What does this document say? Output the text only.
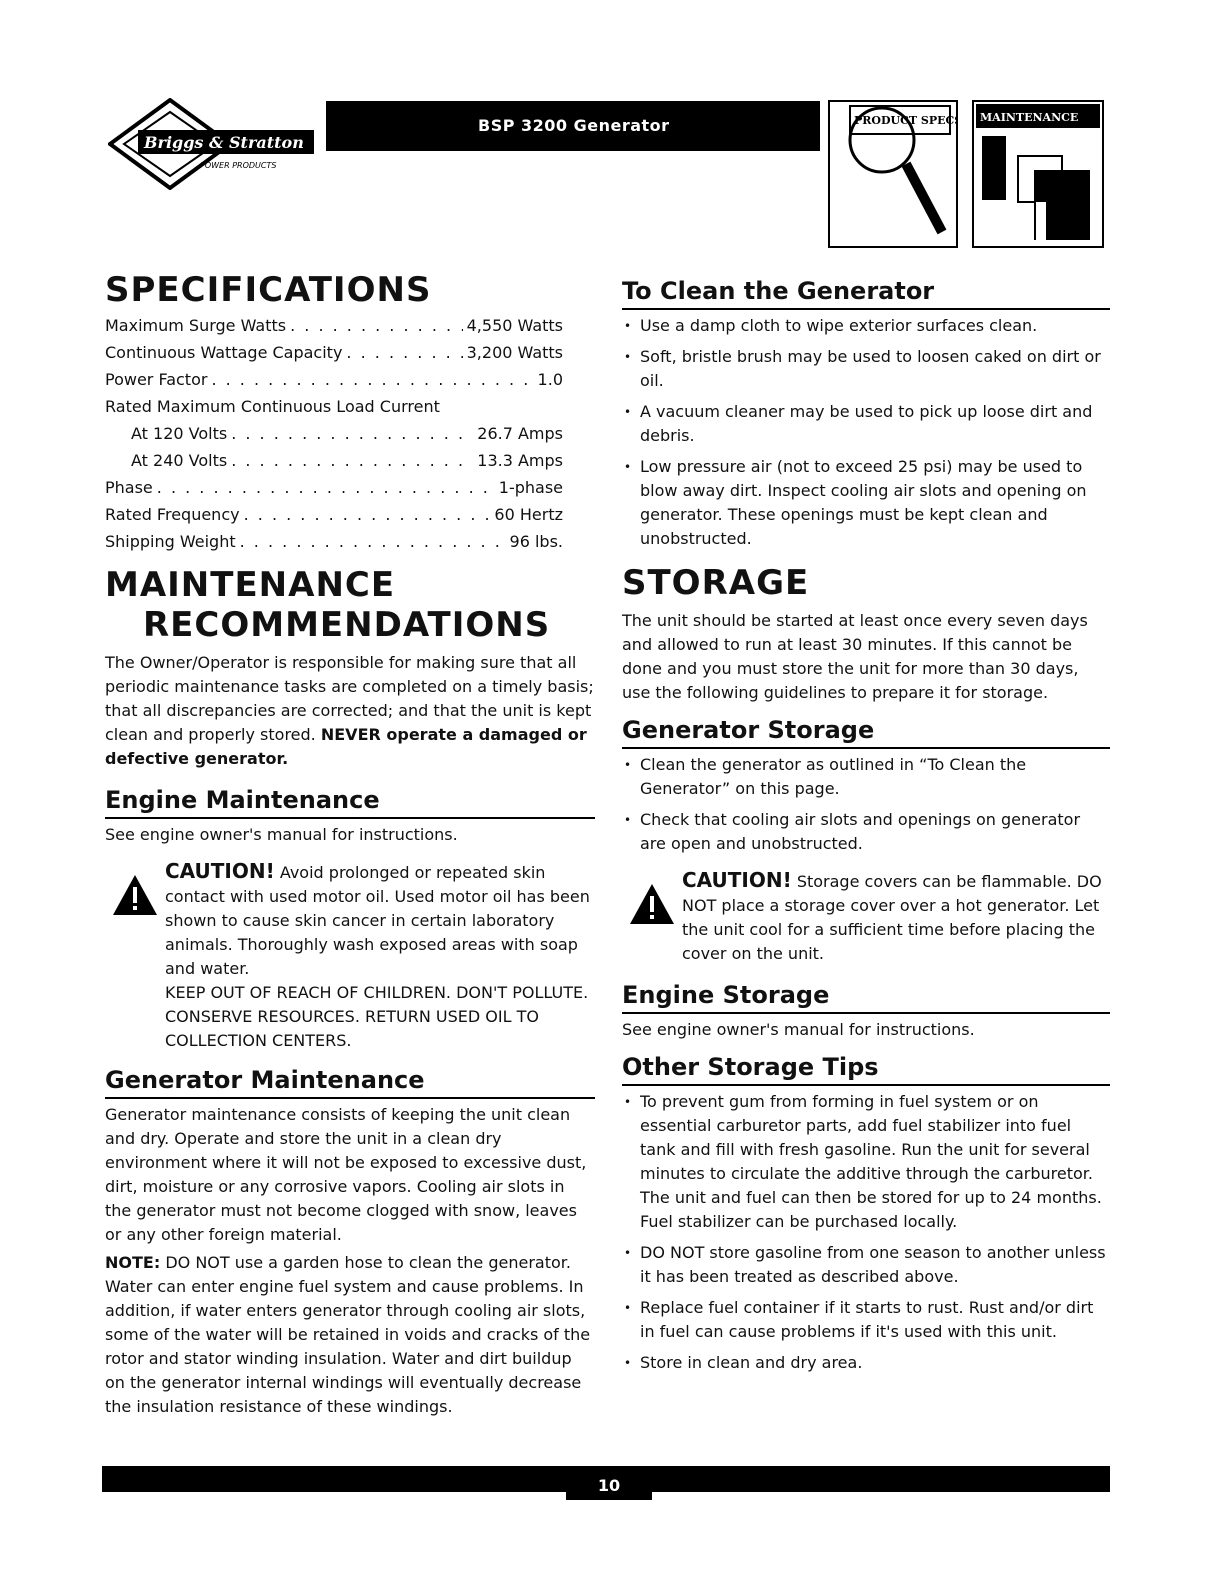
Briggs & Stratton
POWER PRODUCTS
BSP 3200 Generator	PRODUCT SPECS MAINTENANCE
SPECIFICATIONS
Maximum Surge Watts . . .	4,550 Watts
Continuous Wattage Capacity . . .	3,200 Watts
Power Factor . . .	1.0
Rated Maximum Continuous Load Current
At 120 Volts . . .	26.7 Amps
At 240 Volts . . .	13.3 Amps
Phase . . .	1-phase
Rated Frequency . . .	60 Hertz
Shipping Weight . . .	96 lbs.
MAINTENANCE
RECOMMENDATIONS

The Owner/Operator is responsible for making sure that all periodic maintenance tasks are completed on a timely basis; that all discrepancies are corrected; and that the unit is kept clean and properly stored. NEVER operate a damaged or defective generator.

Engine Maintenance

See engine owner's manual for instructions.

CAUTION! Avoid prolonged or repeated skin contact with used motor oil. Used motor oil has been shown to cause skin cancer in certain laboratory animals. Thoroughly wash exposed areas with soap and water.

KEEP OUT OF REACH OF CHILDREN. DON'T POLLUTE. CONSERVE RESOURCES. RETURN USED OIL TO COLLECTION CENTERS.

Generator Maintenance

Generator maintenance consists of keeping the unit clean and dry. Operate and store the unit in a clean dry environment where it will not be exposed to excessive dust, dirt, moisture or any corrosive vapors. Cooling air slots in the generator must not become clogged with snow, leaves or any other foreign material.

NOTE: DO NOT use a garden hose to clean the generator. Water can enter engine fuel system and cause problems. In addition, if water enters generator through cooling air slots, some of the water will be retained in voids and cracks of the rotor and stator winding insulation. Water and dirt buildup on the generator internal windings will eventually decrease the insulation resistance of these windings.

To Clean the Generator
• Use a damp cloth to wipe exterior surfaces clean.
• Soft, bristle brush may be used to loosen caked on dirt or oil.
• A vacuum cleaner may be used to pick up loose dirt and debris.
• Low pressure air (not to exceed 25 psi) may be used to blow away dirt. Inspect cooling air slots and opening on generator. These openings must be kept clean and unobstructed.
STORAGE

The unit should be started at least once every seven days and allowed to run at least 30 minutes. If this cannot be done and you must store the unit for more than 30 days, use the following guidelines to prepare it for storage.

Generator Storage
• Clean the generator as outlined in “To Clean the Generator” on this page.
• Check that cooling air slots and openings on generator are open and unobstructed.
CAUTION! Storage covers can be flammable. DO NOT place a storage cover over a hot generator. Let the unit cool for a sufficient time before placing the cover on the unit.
Engine Storage

See engine owner's manual for instructions.

Other Storage Tips
• To prevent gum from forming in fuel system or on essential carburetor parts, add fuel stabilizer into fuel tank and fill with fresh gasoline. Run the unit for several minutes to circulate the additive through the carburetor. The unit and fuel can then be stored for up to 24 months. Fuel stabilizer can be purchased locally.
• DO NOT store gasoline from one season to another unless it has been treated as described above.
• Replace fuel container if it starts to rust. Rust and/or dirt in fuel can cause problems if it's used with this unit.
• Store in clean and dry area.
10
